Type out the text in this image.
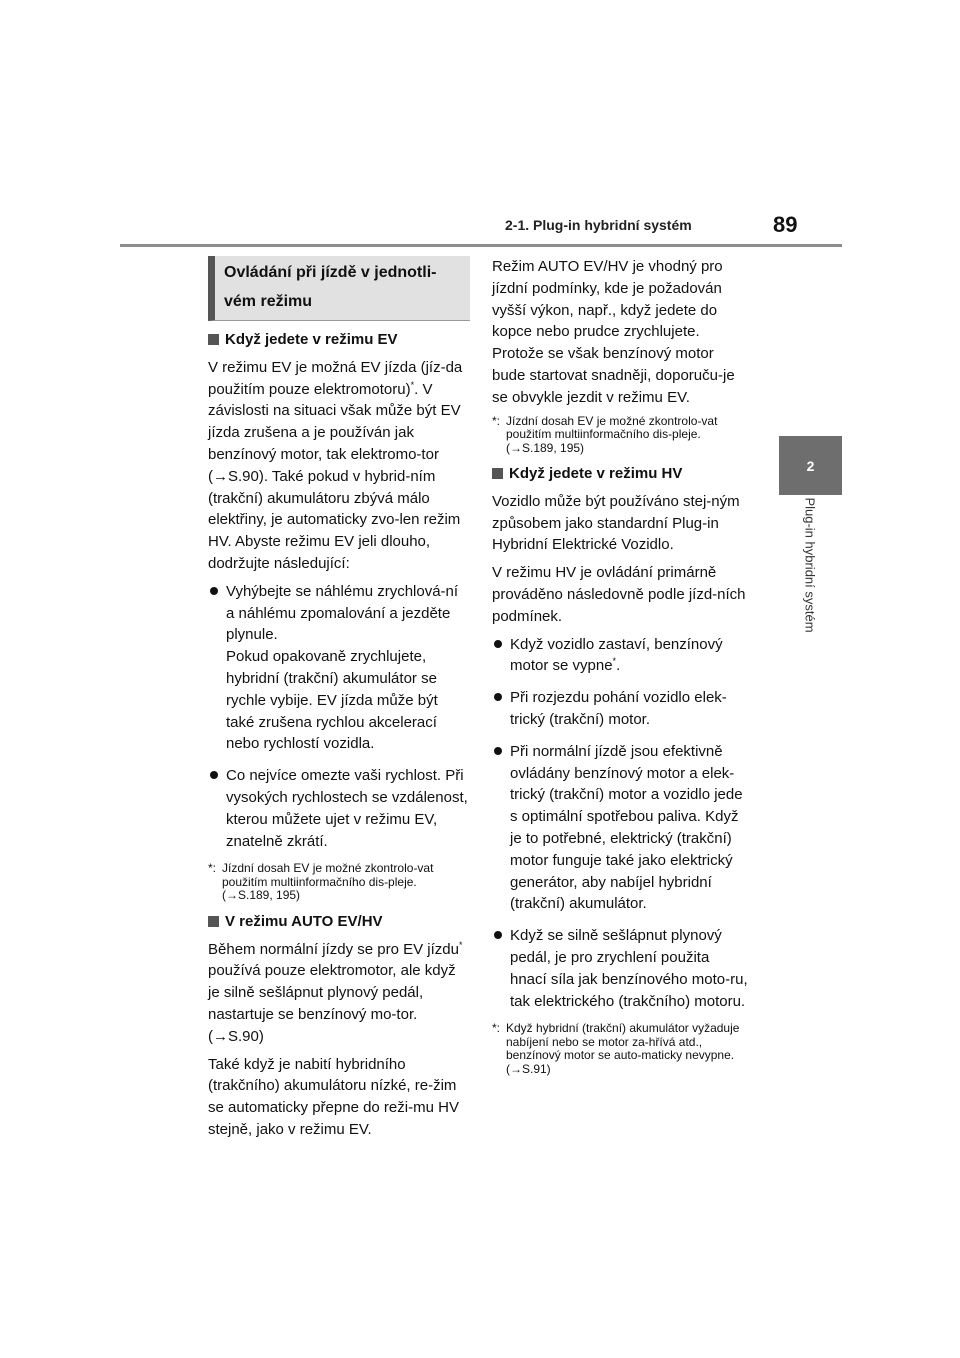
2-1. Plug-in hybridní systém	89
2
Plug-in hybridní systém
Ovládání při jízdě v jednotli-vém režimu
Když jedete v režimu EV

V režimu EV je možná EV jízda (jíz-da použitím pouze elektromotoru)*. V závislosti na situaci však může být EV jízda zrušena a je používán jak benzínový motor, tak elektromo-tor (→S.90). Také pokud v hybrid-ním (trakční) akumulátoru zbývá málo elektřiny, je automaticky zvo-len režim HV. Abyste režimu EV jeli dlouho, dodržujte následující:

Vyhýbejte se náhlému zrychlová-ní a náhlému zpomalování a jezděte plynule.
Pokud opakovaně zrychlujete, hybridní (trakční) akumulátor se rychle vybije. EV jízda může být také zrušena rychlou akcelerací nebo rychlostí vozidla.
Co nejvíce omezte vaši rychlost. Při vysokých rychlostech se vzdálenost, kterou můžete ujet v režimu EV, znatelně zkrátí.
*: Jízdní dosah EV je možné zkontrolo-vat použitím multiinformačního dis-pleje. (→S.189, 195)
V režimu AUTO EV/HV

Během normální jízdy se pro EV jízdu* používá pouze elektromotor, ale když je silně sešlápnut plynový pedál, nastartuje se benzínový mo-tor. (→S.90)

Také když je nabití hybridního (trakčního) akumulátoru nízké, re-žim se automaticky přepne do reži-mu HV stejně, jako v režimu EV.

Režim AUTO EV/HV je vhodný pro jízdní podmínky, kde je požadován vyšší výkon, např., když jedete do kopce nebo prudce zrychlujete. Protože se však benzínový motor bude startovat snadněji, doporuču-je se obvykle jezdit v režimu EV.

*: Jízdní dosah EV je možné zkontrolo-vat použitím multiinformačního dis-pleje. (→S.189, 195)
Když jedete v režimu HV

Vozidlo může být používáno stej-ným způsobem jako standardní Plug-in Hybridní Elektrické Vozidlo.

V režimu HV je ovládání primárně prováděno následovně podle jízd-ních podmínek.

Když vozidlo zastaví, benzínový motor se vypne*.
Při rozjezdu pohání vozidlo elek-trický (trakční) motor.
Při normální jízdě jsou efektivně ovládány benzínový motor a elek-trický (trakční) motor a vozidlo jede s optimální spotřebou paliva. Když je to potřebné, elektrický (trakční) motor funguje také jako elektrický generátor, aby nabíjel hybridní (trakční) akumulátor.
Když se silně sešlápnut plynový pedál, je pro zrychlení použita hnací síla jak benzínového moto-ru, tak elektrického (trakčního) motoru.
*: Když hybridní (trakční) akumulátor vyžaduje nabíjení nebo se motor za-hřívá atd., benzínový motor se auto-maticky nevypne. (→S.91)
